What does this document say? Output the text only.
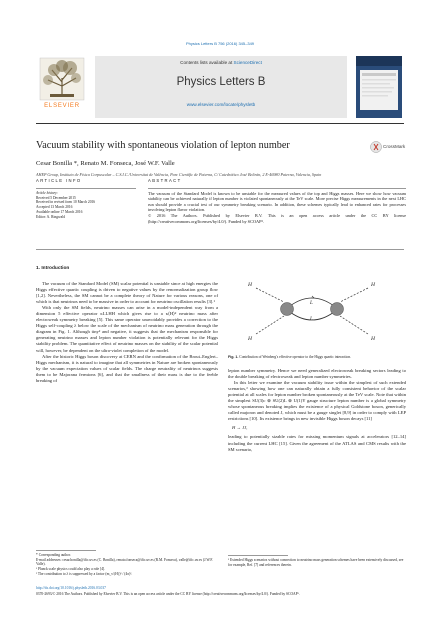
Physics Letters B 756 (2016) 345–349
ELSEVIER
Contents lists available at ScienceDirect
Physics Letters B
www.elsevier.com/locate/physletb
Vacuum stability with spontaneous violation of lepton number	CrossMark
Cesar Bonilla *, Renato M. Fonseca, José W.F. Valle
AHEP Group, Instituto de Física Corpuscular – C.S.I.C./Universitat de València, Parc Científic de Paterna, C/ Catedrático José Beltrán, 2 E-46980 Paterna, Valencia, Spain
ARTICLE INFO	ABSTRACT
Article history:
Received 5 December 2015
Received in revised form 10 March 2016
Accepted 13 March 2016
Available online 17 March 2016
Editor: A. Ringwald
The vacuum of the Standard Model is known to be unstable for the measured values of the top and Higgs masses. Here we show how vacuum stability can be achieved naturally if lepton number is violated spontaneously at the TeV scale. More precise Higgs measurements in the next LHC run should provide a crucial test of our symmetry breaking scenario. In addition, these schemes typically lead to enhanced rates for processes involving lepton flavor violation.
© 2016 The Authors. Published by Elsevier B.V. This is an open access article under the CC BY license (http://creativecommons.org/licenses/by/4.0/). Funded by SCOAP³.
1. Introduction

The vacuum of the Standard Model (SM) scalar potential is unstable since at high energies the Higgs effective quartic coupling is driven to negative values by the renormalization group flow [1,2]. Nevertheless, the SM cannot be a complete theory of Nature for various reasons, one of which is that neutrinos need to be massive in order to account for neutrino oscillation results [3].¹

With only the SM fields, neutrino masses can arise in a model-independent way from a dimension 5 effective operator κLLHH which gives rise to a κ⟨H⟩² neutrino mass after electroweak symmetry breaking [5]. This same operator unavoidably provides a correction to the Higgs self-coupling λ below the scale of the mechanism of neutrino mass generation through the diagram in Fig. 1. Although tiny² and negative, it suggests that the mechanism responsible for generating neutrino masses and lepton number violation is potentially relevant for the Higgs stability problem. The quantitative effect of neutrino masses on the stability of the scalar potential will, however, be dependent on the ultra-violet completion of the model.

After the historic Higgs boson discovery at CERN and the confirmation of the Brout–Englert–Higgs mechanism, it is natural to imagine that all symmetries in Nature are broken spontaneously by the vacuum expectation values of scalar fields. The charge neutrality of neutrinos suggests them to be Majorana fermions [6], and that the smallness of their mass is due to the feeble breaking of

H
H
H
H
L
L
Fig. 1. Contribution of Weinberg's effective operator to the Higgs quartic interaction.

lepton number symmetry. Hence we need generalized electroweak breaking sectors leading to the double breaking of electroweak and lepton number symmetries.

In this letter we examine the vacuum stability issue within the simplest of such extended scenarios,³ showing how one can naturally obtain a fully consistent behavior of the scalar potential at all scales for lepton number broken spontaneously at the TeV scale. Note that within the simplest SU(3)c ⊗ SU(2)L ⊗ U(1)Y gauge structure lepton number is a global symmetry whose spontaneous breaking implies the existence of a physical Goldstone boson, generically called majoron and denoted J, which must be a gauge singlet [8,9] in order to comply with LEP restrictions [10]. Its existence brings in new invisible Higgs boson decays [11]

H → JJ,

leading to potentially sizable rates for missing momentum signals at accelerators [12–14] including the current LHC [15]. Given the agreement of the ATLAS and CMS results with the SM scenario,

* Corresponding author.
E-mail addresses: cesar.bonilla@ific.uv.es (C. Bonilla), renato.fonseca@ific.uv.es (R.M. Fonseca), valle@ific.uv.es (J.W.F. Valle).
¹ Planck scale physics could also play a role [4].
² The contribution to λ is suppressed by a factor (m_ν/⟨H⟩)² / (4π)².
³ Extended Higgs scenarios without connection to neutrino mass generation schemes have been extensively discussed, see for example, Ref. [7] and references therein.
http://dx.doi.org/10.1016/j.physletb.2016.03.037
0370-2693/© 2016 The Authors. Published by Elsevier B.V. This is an open access article under the CC BY license (http://creativecommons.org/licenses/by/4.0/). Funded by SCOAP³.
